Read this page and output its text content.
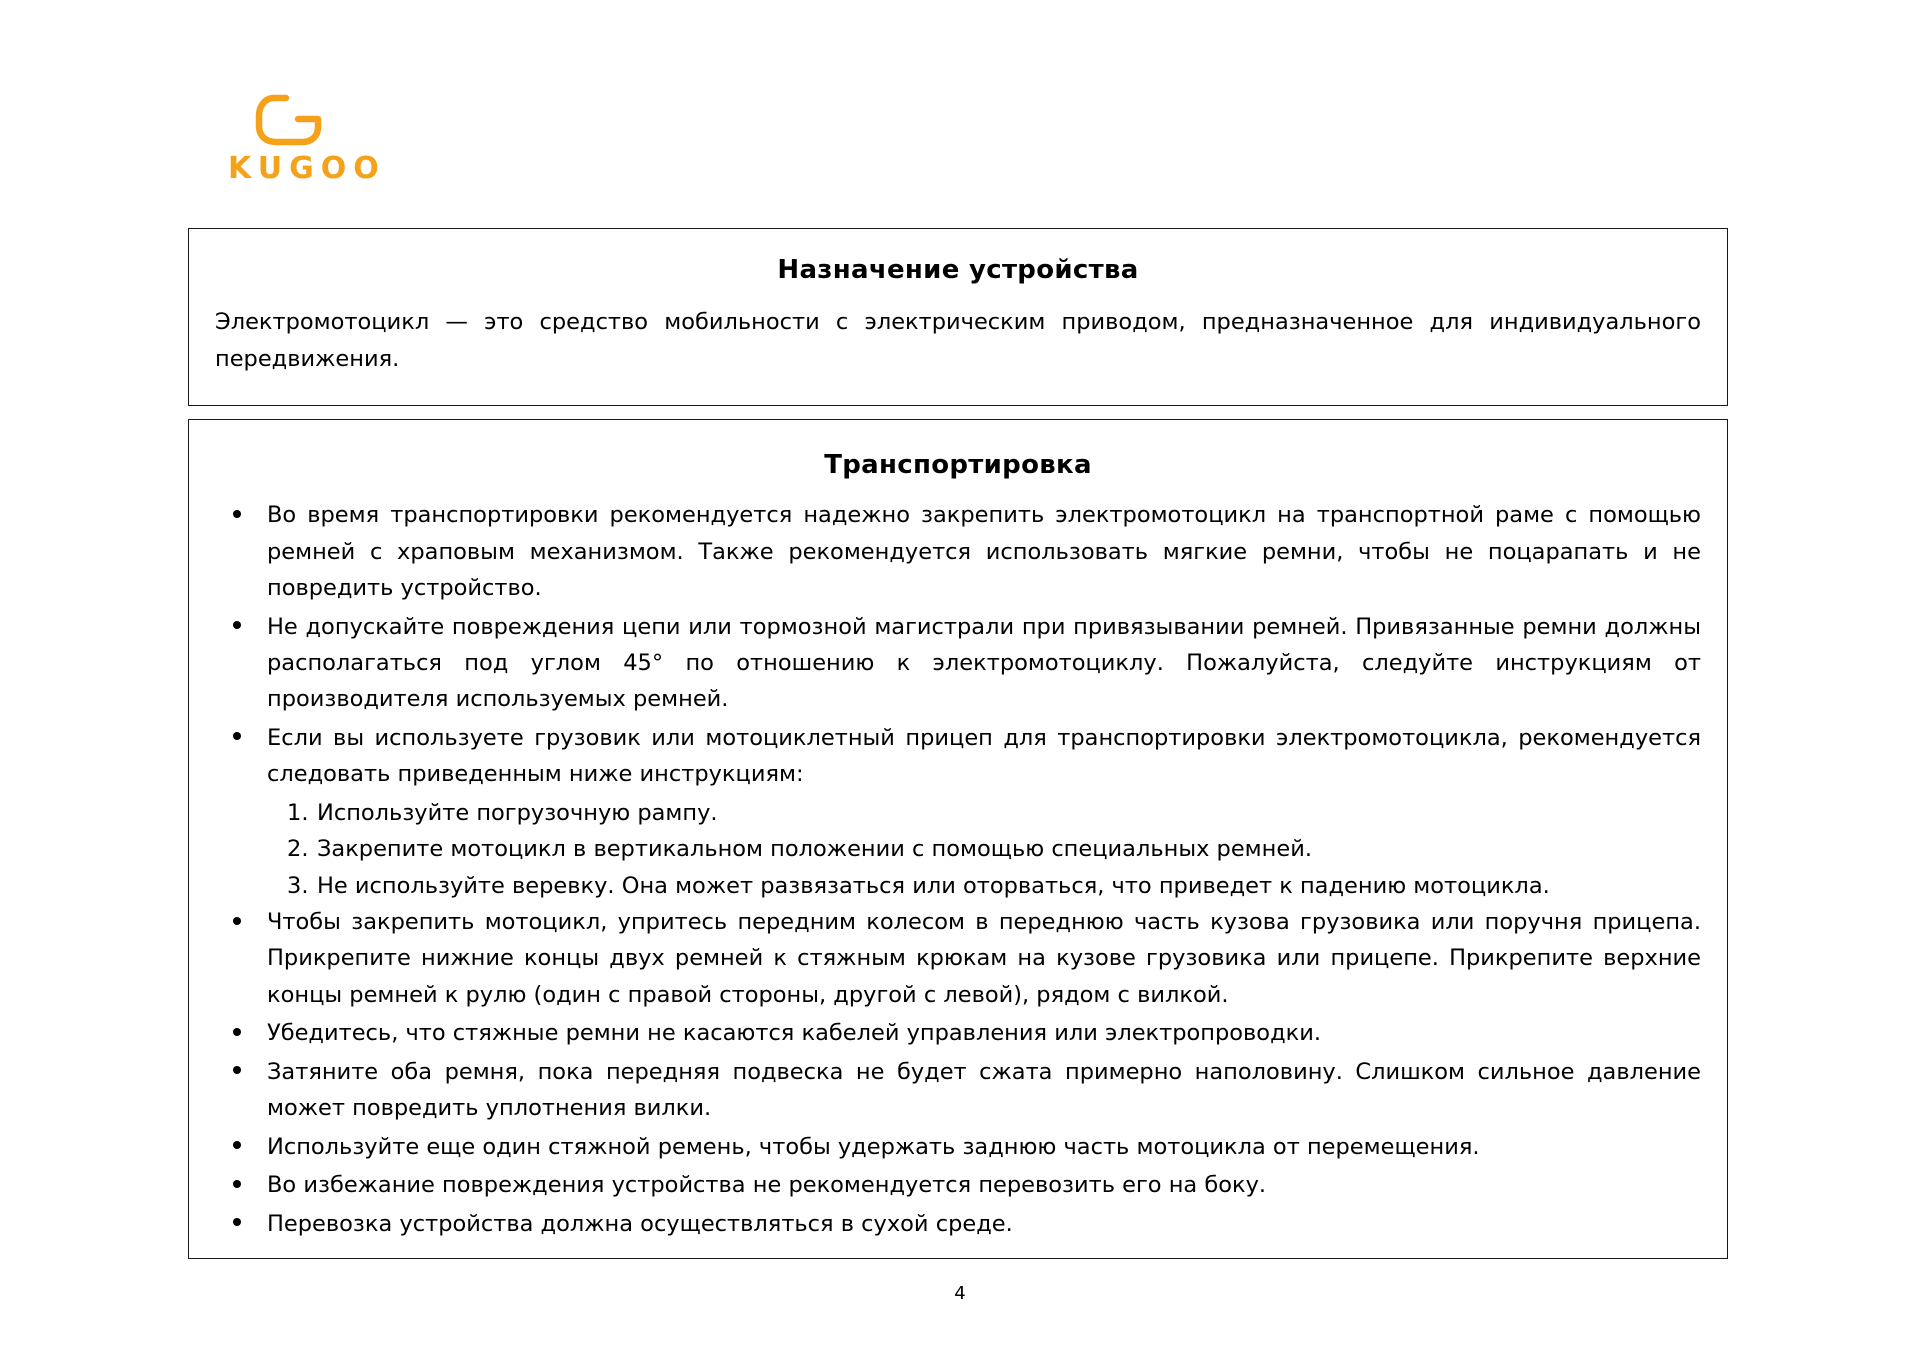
KUGOO
Назначение устройства

Электромотоцикл — это средство мобильности с электрическим приводом, предназначенное для индивидуального передвижения.

Транспортировка
Во время транспортировки рекомендуется надежно закрепить электромотоцикл на транспортной раме с помощью ремней с храповым механизмом. Также рекомендуется использовать мягкие ремни, чтобы не поцарапать и не повредить устройство.
Не допускайте повреждения цепи или тормозной магистрали при привязывании ремней. Привязанные ремни должны располагаться под углом 45° по отношению к электромотоциклу. Пожалуйста, следуйте инструкциям от производителя используемых ремней.
Если вы используете грузовик или мотоциклетный прицеп для транспортировки электромотоцикла, рекомендуется следовать приведенным ниже инструкциям:
1. Используйте погрузочную рампу.
2. Закрепите мотоцикл в вертикальном положении с помощью специальных ремней.
3. Не используйте веревку. Она может развязаться или оторваться, что приведет к падению мотоцикла.
Чтобы закрепить мотоцикл, упритесь передним колесом в переднюю часть кузова грузовика или поручня прицепа. Прикрепите нижние концы двух ремней к стяжным крюкам на кузове грузовика или прицепе. Прикрепите верхние концы ремней к рулю (один с правой стороны, другой с левой), рядом с вилкой.
Убедитесь, что стяжные ремни не касаются кабелей управления или электропроводки.
Затяните оба ремня, пока передняя подвеска не будет сжата примерно наполовину. Слишком сильное давление может повредить уплотнения вилки.
Используйте еще один стяжной ремень, чтобы удержать заднюю часть мотоцикла от перемещения.
Во избежание повреждения устройства не рекомендуется перевозить его на боку.
Перевозка устройства должна осуществляться в сухой среде.
4
